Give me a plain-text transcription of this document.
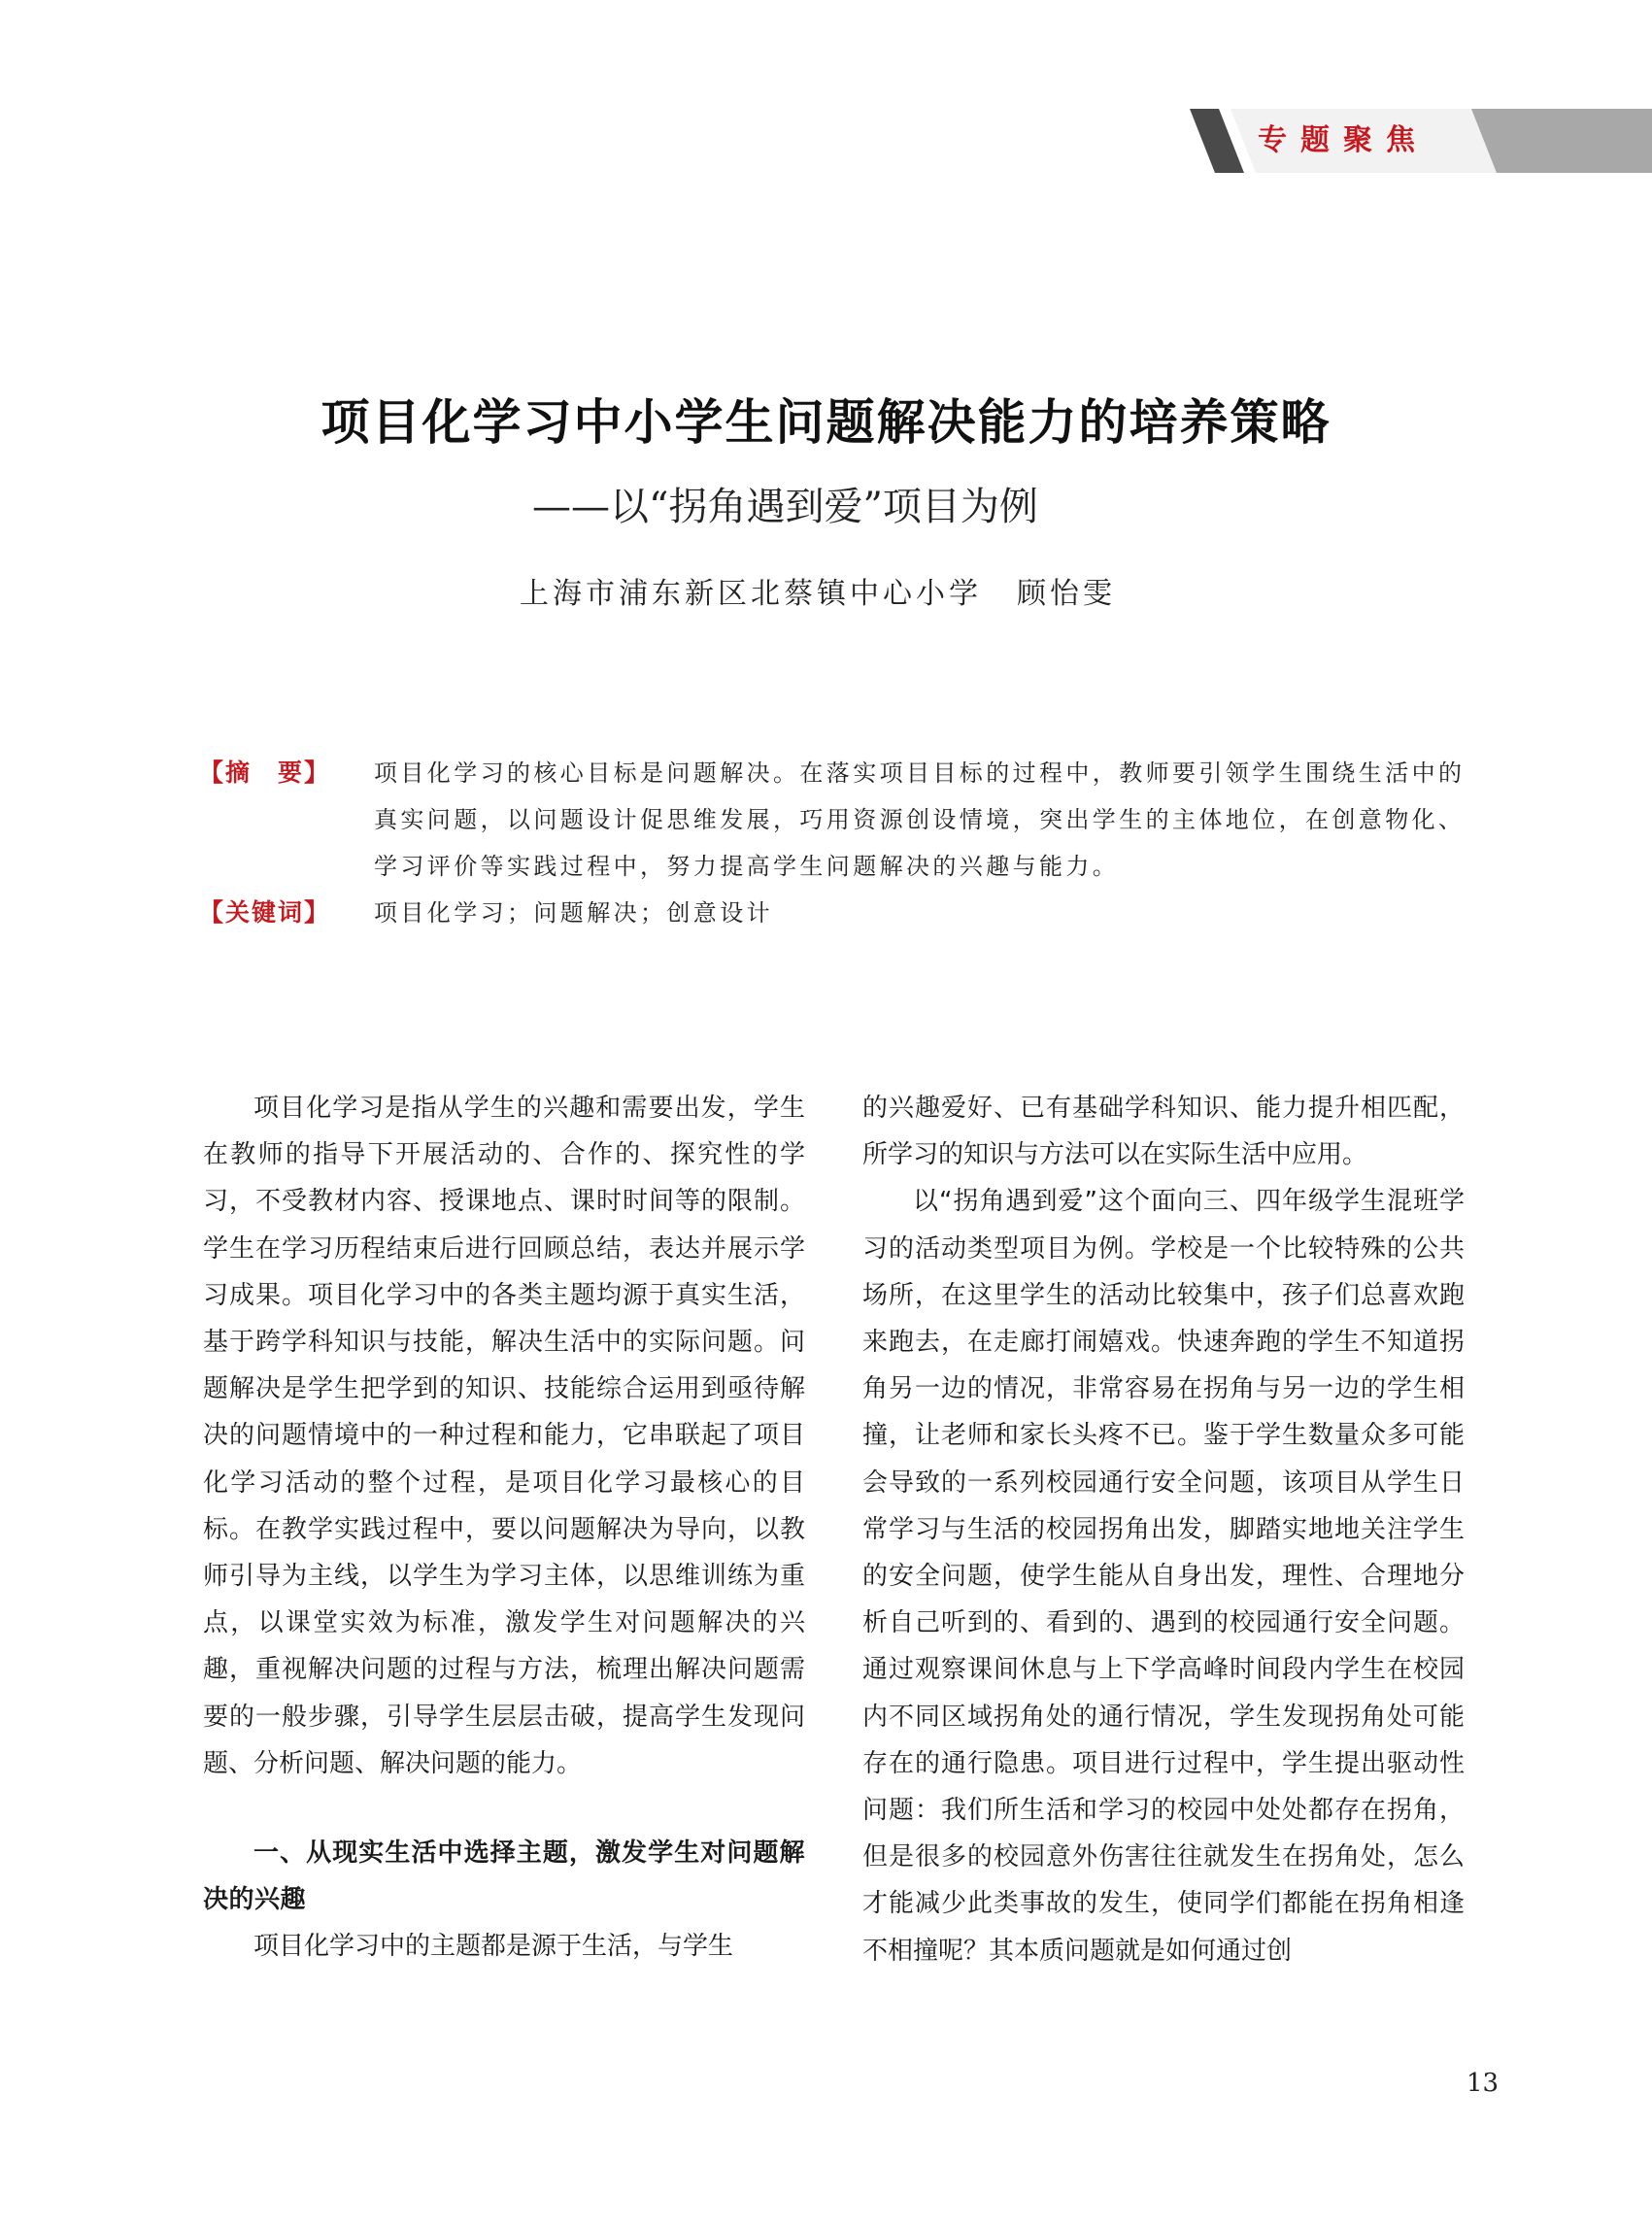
专题聚焦
项目化学习中小学生问题解决能力的培养策略
——以“拐角遇到爱”项目为例
上海市浦东新区北蔡镇中心小学 顾怡雯
【摘　要】	项目化学习的核心目标是问题解决。在落实项目目标的过程中，教师要引领学生围绕生活中的真实问题，以问题设计促思维发展，巧用资源创设情境，突出学生的主体地位，在创意物化、学习评价等实践过程中，努力提高学生问题解决的兴趣与能力。
【关键词】	项目化学习；问题解决；创意设计

项目化学习是指从学生的兴趣和需要出发，学生在教师的指导下开展活动的、合作的、探究性的学习，不受教材内容、授课地点、课时时间等的限制。学生在学习历程结束后进行回顾总结，表达并展示学习成果。项目化学习中的各类主题均源于真实生活，基于跨学科知识与技能，解决生活中的实际问题。问题解决是学生把学到的知识、技能综合运用到亟待解决的问题情境中的一种过程和能力，它串联起了项目化学习活动的整个过程，是项目化学习最核心的目标。在教学实践过程中，要以问题解决为导向，以教师引导为主线，以学生为学习主体，以思维训练为重点，以课堂实效为标准，激发学生对问题解决的兴趣，重视解决问题的过程与方法，梳理出解决问题需要的一般步骤，引导学生层层击破，提高学生发现问题、分析问题、解决问题的能力。

一、从现实生活中选择主题，激发学生对问题解决的兴趣

项目化学习中的主题都是源于生活，与学生

的兴趣爱好、已有基础学科知识、能力提升相匹配，所学习的知识与方法可以在实际生活中应用。

以“拐角遇到爱”这个面向三、四年级学生混班学习的活动类型项目为例。学校是一个比较特殊的公共场所，在这里学生的活动比较集中，孩子们总喜欢跑来跑去，在走廊打闹嬉戏。快速奔跑的学生不知道拐角另一边的情况，非常容易在拐角与另一边的学生相撞，让老师和家长头疼不已。鉴于学生数量众多可能会导致的一系列校园通行安全问题，该项目从学生日常学习与生活的校园拐角出发，脚踏实地地关注学生的安全问题，使学生能从自身出发，理性、合理地分析自己听到的、看到的、遇到的校园通行安全问题。通过观察课间休息与上下学高峰时间段内学生在校园内不同区域拐角处的通行情况，学生发现拐角处可能存在的通行隐患。项目进行过程中，学生提出驱动性问题：我们所生活和学习的校园中处处都存在拐角，但是很多的校园意外伤害往往就发生在拐角处，怎么才能减少此类事故的发生，使同学们都能在拐角相逢不相撞呢？其本质问题就是如何通过创

13
